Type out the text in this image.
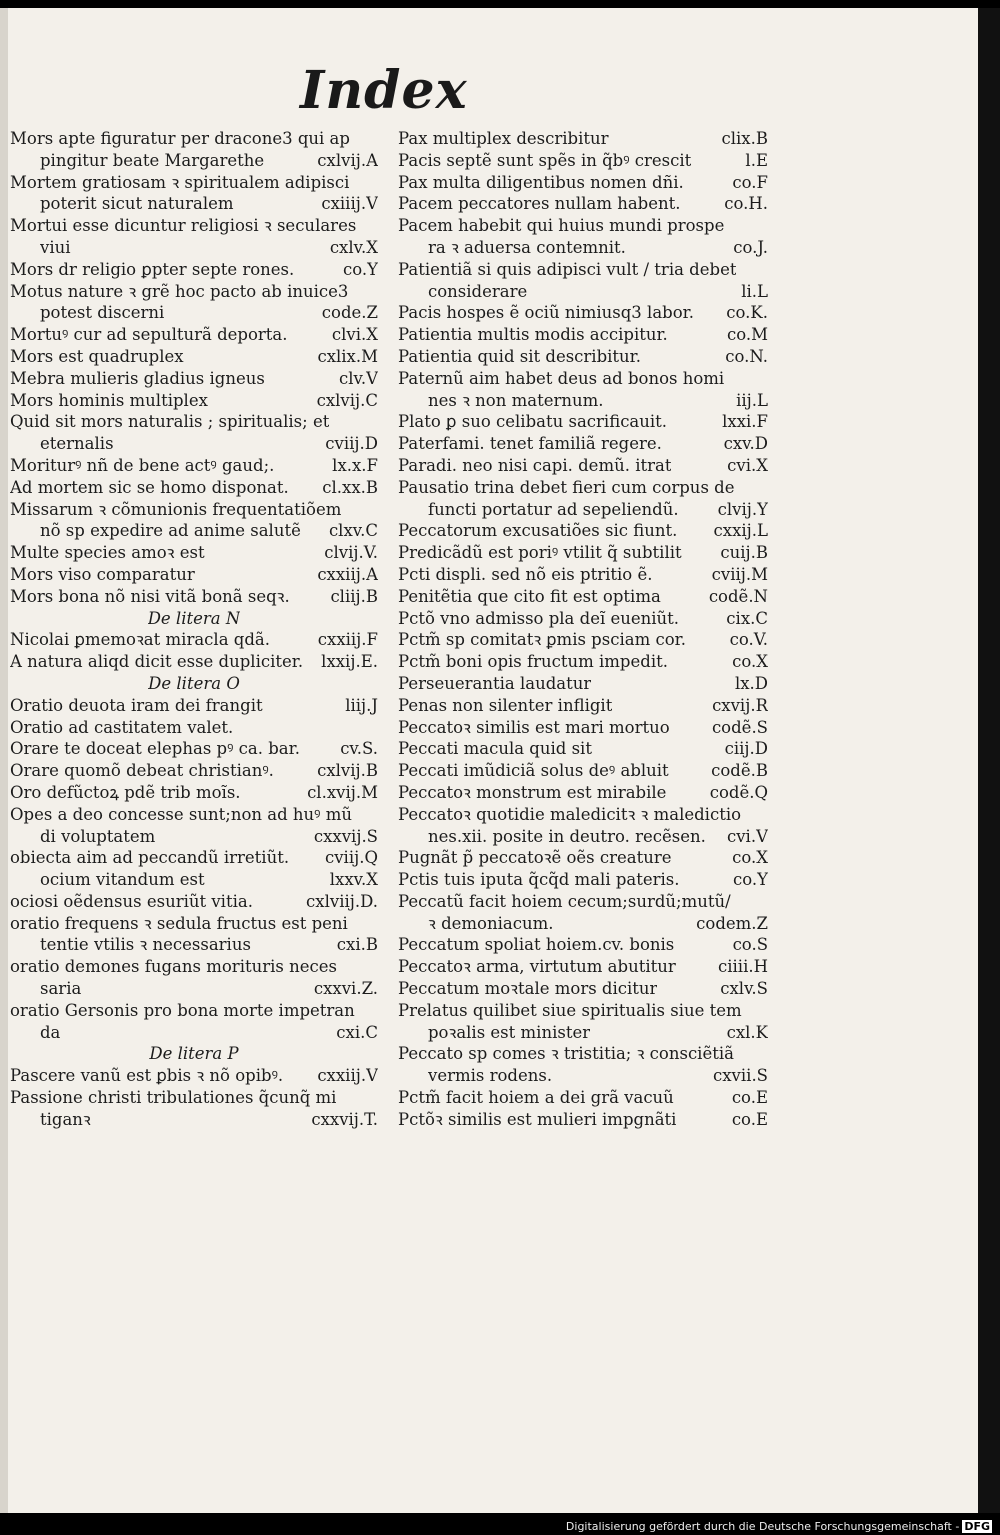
Index
Mors apte figuratur per dracone3 qui ap
pingitur beate Margarethe	cxlvij.A
Mortem gratiosam ꝛ spiritualem adipisci
poterit sicut naturalem	cxiiij.V
Mortui esse dicuntur religiosi ꝛ seculares
viui	cxlv.X
Mors dr religio ꝑpter septe rones.	co.Y
Motus nature ꝛ grẽ hoc pacto ab inuice3
potest discerni	code.Z
Mortuꝰ cur ad sepulturã deporta.	clvi.X
Mors est quadruplex	cxlix.M
Mebra mulieris gladius igneus	clv.V
Mors hominis multiplex	cxlvij.C
Quid sit mors naturalis ; spiritualis; et
eternalis	cviij.D
Moriturꝰ nñ de bene actꝰ gaud;.	lx.x.F
Ad mortem sic se homo disponat.	cl.xx.B
Missarum ꝛ cõmunionis frequentatiõem
nõ sp expedire ad anime salutẽ	clxv.C
Multe species amoꝛ est	clvij.V.
Mors viso comparatur	cxxiij.A
Mors bona nõ nisi vitã bonã seqꝛ.	cliij.B
De litera N
Nicolai ꝑmemoꝛat miracla qdã.	cxxiij.F
A natura aliqd dicit esse dupliciter.	lxxij.E.
De litera O
Oratio deuota iram dei frangit	liij.J
Oratio ad castitatem valet.
Orare te doceat elephas pꝰ ca. bar.	cv.S.
Orare quomõ debeat christianꝰ.	cxlvij.B
Oro defũctoꝝ pdẽ trib moĩs.	cl.xvij.M
Opes a deo concesse sunt;non ad huꝰ mũ
di voluptatem	cxxvij.S
obiecta aim ad peccandũ irretiũt.	cviij.Q
ocium vitandum est	lxxv.X
ociosi oẽdensus esuriũt vitia.	cxlviij.D.
oratio frequens ꝛ sedula fructus est peni
tentie vtilis ꝛ necessarius	cxi.B
oratio demones fugans morituris neces
saria	cxxvi.Z.
oratio Gersonis pro bona morte impetran
da	cxi.C
De litera P
Pascere vanũ est ꝑbis ꝛ nõ opibꝰ.	cxxiij.V
Passione christi tribulationes q̃cunq̃ mi
tiganꝛ	cxxvij.T.
Pax multiplex describitur	clix.B
Pacis septẽ sunt spẽs in q̃bꝰ crescit	l.E
Pax multa diligentibus nomen dñi.	co.F
Pacem peccatores nullam habent.	co.H.
Pacem habebit qui huius mundi prospe
ra ꝛ aduersa contemnit.	co.J.
Patientiã si quis adipisci vult / tria debet
considerare	li.L
Pacis hospes ẽ ociũ nimiusq3 labor.	co.K.
Patientia multis modis accipitur.	co.M
Patientia quid sit describitur.	co.N.
Paternũ aim habet deus ad bonos homi
nes ꝛ non maternum.	iij.L
Plato ꝑ suo celibatu sacrificauit.	lxxi.F
Paterfami. tenet familiã regere.	cxv.D
Paradi. neo nisi capi. demũ. itrat	cvi.X
Pausatio trina debet fieri cum corpus de
functi portatur ad sepeliendũ.	clvij.Y
Peccatorum excusatiões sic fiunt.	cxxij.L
Predicãdũ est poriꝰ vtilit q̃ subtilit	cuij.B
Pcti displi. sed nõ eis ptritio ẽ.	cviij.M
Penitẽtia que cito fit est optima	codẽ.N
Pctõ vno admisso pla deĩ eueniũt.	cix.C
Pctm̃ sp comitatꝛ ꝑmis psciam cor.	co.V.
Pctm̃ boni opis fructum impedit.	co.X
Perseuerantia laudatur	lx.D
Penas non silenter infligit	cxvij.R
Peccatoꝛ similis est mari mortuo	codẽ.S
Peccati macula quid sit	ciij.D
Peccati imũdiciã solus deꝰ abluit	codẽ.B
Peccatoꝛ monstrum est mirabile	codẽ.Q
Peccatoꝛ quotidie maledicitꝛ ꝛ maledictio
nes.xii. posite in deutro. recẽsen.	cvi.V
Pugnãt p̃ peccatoꝛẽ oẽs creature	co.X
Pctis tuis iputa q̃cq̃d mali pateris.	co.Y
Peccatũ facit hoiem cecum;surdũ;mutũ/
ꝛ demoniacum.	codem.Z
Peccatum spoliat hoiem.cv. bonis	co.S
Peccatoꝛ arma, virtutum abutitur	ciiii.H
Peccatum moꝛtale mors dicitur	cxlv.S
Prelatus quilibet siue spiritualis siue tem
poꝛalis est minister	cxl.K
Peccato sp comes ꝛ tristitia; ꝛ consciẽtiã
vermis rodens.	cxvii.S
Pctm̃ facit hoiem a dei grã vacuũ	co.E
Pctõꝛ similis est mulieri impgnãti	co.E
Digitalisierung gefördert durch die Deutsche Forschungsgemeinschaft - DFG
